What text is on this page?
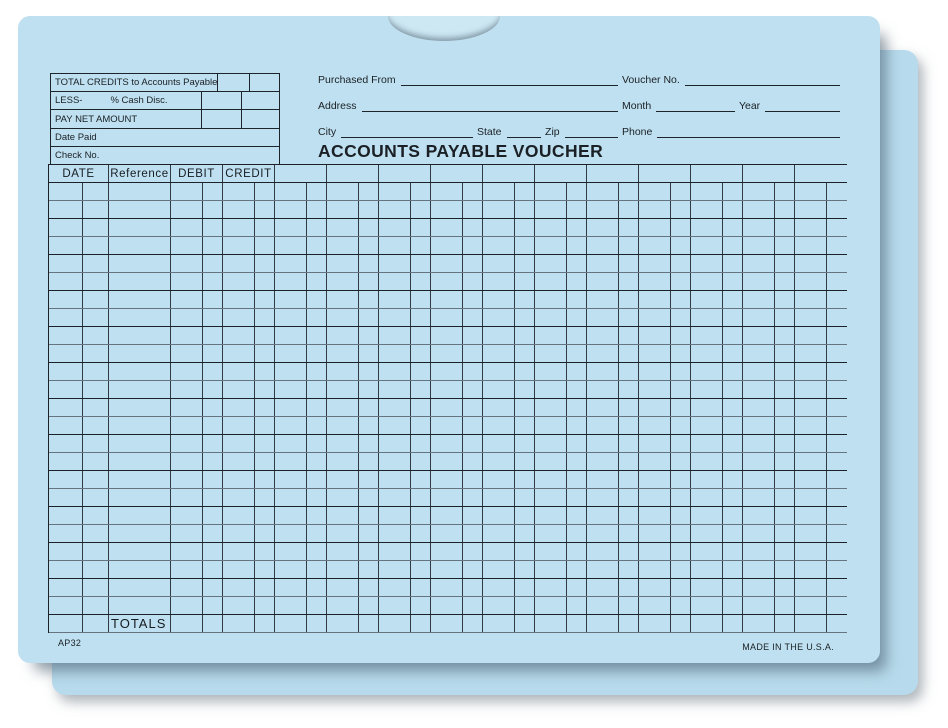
TOTAL CREDITS to Accounts Payable
LESS-	% Cash Disc.
PAY NET AMOUNT
Date Paid
Check No.
Purchased From	Voucher No.
Address	Month	Year
City	State	Zip	Phone
ACCOUNTS PAYABLE VOUCHER
DATE	Reference DEBIT CREDIT
TOTALS
AP32	MADE IN THE U.S.A.
